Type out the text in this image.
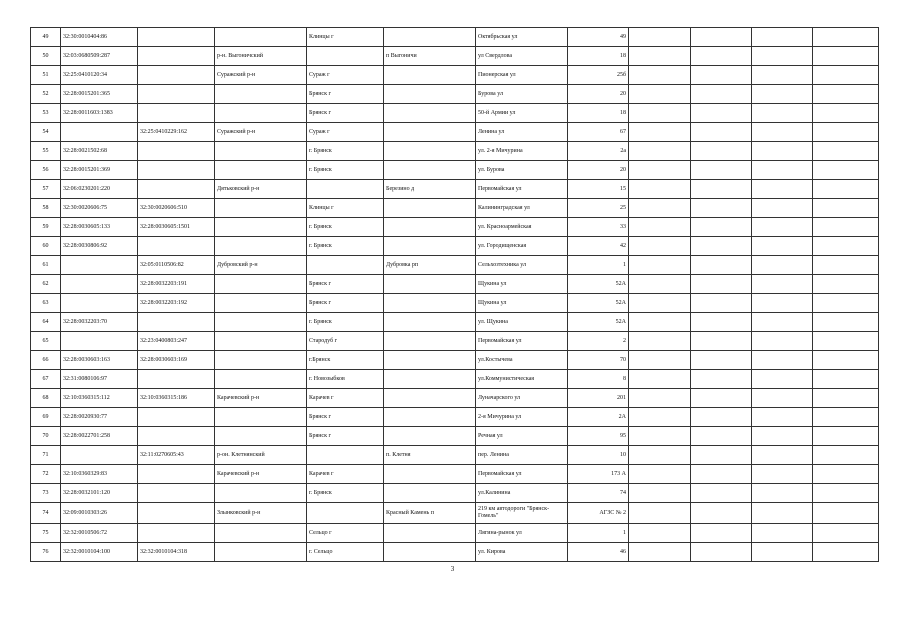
49	32:30:0010404:86			Клинцы г		Октябрьская ул	49				
50	32:03:0680509:287		р-н. Выгоничский		п Выгоничи	ул Свердлова	18				
51	32:25:0410120:34		Суражский р-н	Сураж г		Пионерская ул	25б				
52	32:28:0015201:365			Брянск г		Бурова ул	20				
53	32:28:0011603:1383			Брянск г		50-й Армии ул	18				
54		32:25:0410229:162	Суражский р-н	Сураж г		Ленина ул	67				
55	32:28:0021502:68			г. Брянск		ул. 2-я Мичурина	2а				
56	32:28:0015201:369			г. Брянск		ул. Бурова	20				
57	32:06:0230201:220		Дятьковский р-н		Березино д	Первомайская ул	15				
58	32:30:0020606:75	32:30:0020606:510		Клинцы г		Калининградская ул	25				
59	32:28:0030605:133	32:28:0030605:1501		г. Брянск		ул. Красноармейская	33				
60	32:28:0030806:92			г. Брянск		ул. Городищенская	42				
61		32:05:0110506:82	Дубровский р-н		Дубровка рп	Сельхозтехника ул	1				
62		32:28:0032203:191		Брянск г		Щукина ул	52А				
63		32:28:0032203:192		Брянск г		Щукина ул	52А				
64	32:28:0032203:70			г. Брянск		ул. Щукина	52А				
65		32:23:0400803:247		Стародуб г		Первомайская ул	2				
66	32:28:0030603:163	32:28:0030603:169		г.Брянск		ул.Костычева	70				
67	32:31:0080106:97			г. Новозыбков		ул.Коммунистическая	8				
68	32:10:0360315:112	32:10:0360315:186	Карачевский р-н	Карачев г		Луначарского ул	201				
69	32:28:0020930:77			Брянск г		2-я Мичурина ул	2А				
70	32:28:0022701:258			Брянск г		Речная ул	95				
71		32:11:0270605:43	р-он. Клетнянский		п. Клетня	пер. Ленина	10				
72	32:10:0360329:83		Карачевский р-н	Карачев г		Первомайская ул	173 А				
73	32:28:0032101:120			г. Брянск		ул.Калинина	74				
74	32:09:0010303:26		Злынковский р-н		Красный Камень п	219 км автодороги "Брянск-Гомель"	АГЗС № 2				
75	32:32:0010506:72			Сельцо г		Лягина-рынок ул	1				
76	32:32:0010104:100	32:32:0010104:318		г. Сельцо		ул. Кирова	46				
3
